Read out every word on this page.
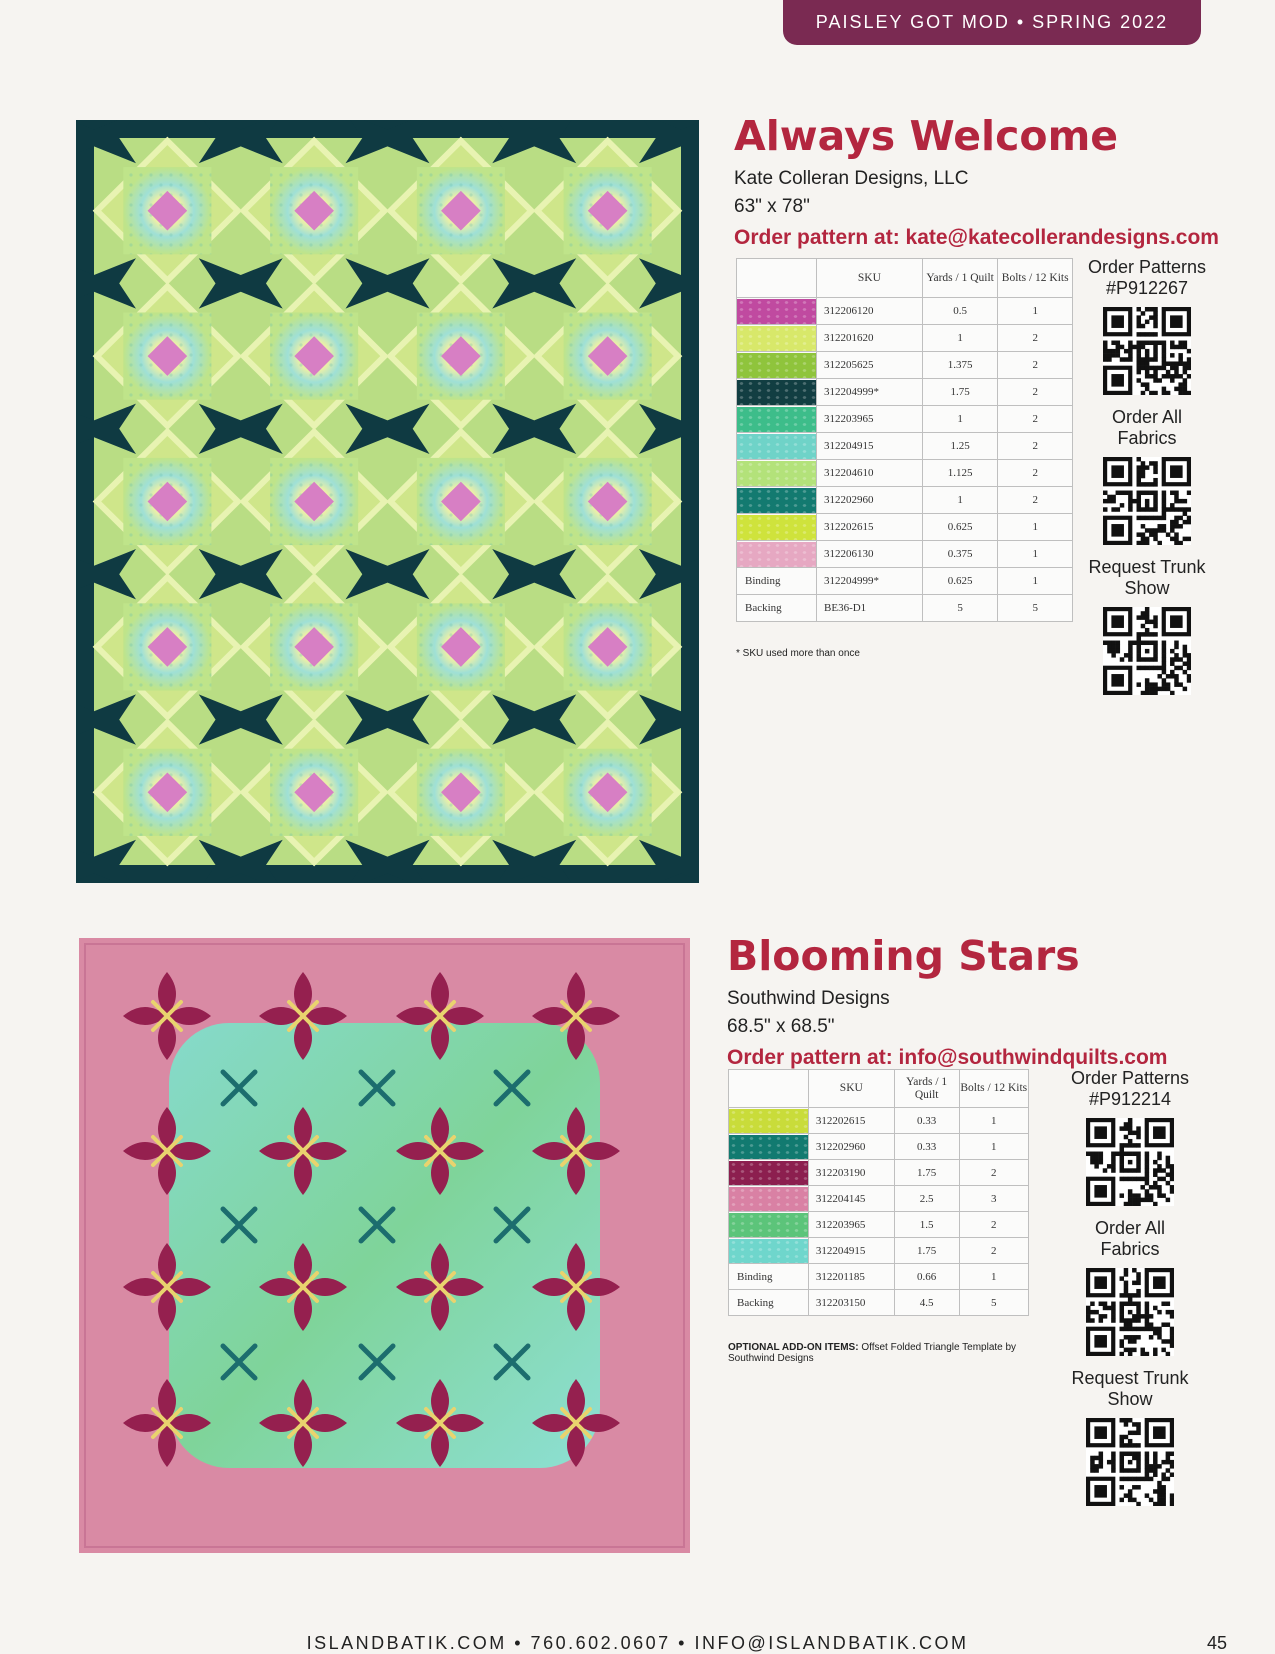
PAISLEY GOT MOD • SPRING 2022
Always Welcome

Kate Colleran Designs, LLC

63" x 78"

Order pattern at: kate@katecollerandesigns.com

	SKU	Yards / 1 Quilt	Bolts / 12 Kits

	312206120	0.5	1

	312201620	1	2

	312205625	1.375	2

	312204999*	1.75	2

	312203965	1	2

	312204915	1.25	2

	312204610	1.125	2

	312202960	1	2

	312202615	0.625	1

	312206130	0.375	1
Binding	312204999*	0.625	1
Backing	BE36-D1	5	5
* SKU used more than once

Order Patterns #P912267

Order All Fabrics

Request Trunk Show

Blooming Stars

Southwind Designs

68.5" x 68.5"

Order pattern at: info@southwindquilts.com

	SKU	Yards / 1 Quilt	Bolts / 12 Kits

	312202615	0.33	1

	312202960	0.33	1

	312203190	1.75	2

	312204145	2.5	3

	312203965	1.5	2

	312204915	1.75	2
Binding	312201185	0.66	1
Backing	312203150	4.5	5
OPTIONAL ADD-ON ITEMS: Offset Folded Triangle Template by Southwind Designs

Order Patterns #P912214

Order All Fabrics

Request Trunk Show

ISLANDBATIK.COM • 760.602.0607 • INFO@ISLANDBATIK.COM	45
